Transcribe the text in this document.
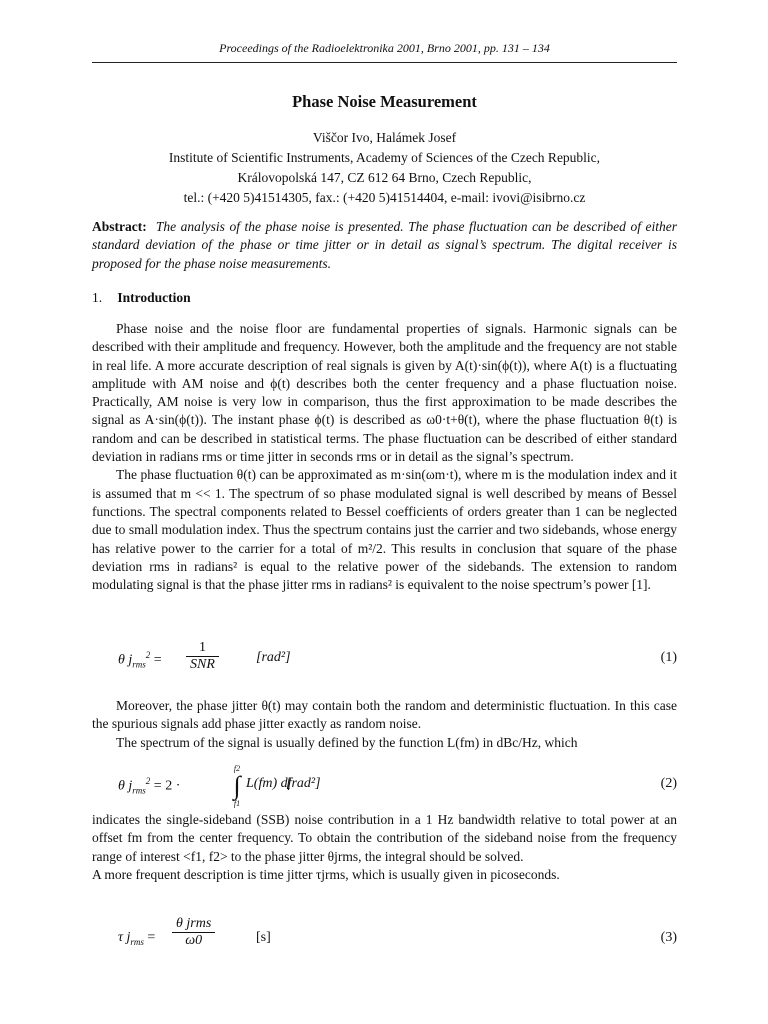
Proceedings of the Radioelektronika 2001, Brno 2001, pp. 131 – 134
Phase Noise Measurement
Viščor Ivo, Halámek Josef
Institute of Scientific Instruments, Academy of Sciences of the Czech Republic,
Královopolská 147, CZ 612 64 Brno, Czech Republic,
tel.: (+420 5)41514305, fax.: (+420 5)41514404, e-mail: ivovi@isibrno.cz
Abstract: The analysis of the phase noise is presented. The phase fluctuation can be described of either standard deviation of the phase or time jitter or in detail as signal’s spectrum. The digital receiver is proposed for the phase noise measurements.
1. Introduction

Phase noise and the noise floor are fundamental properties of signals. Harmonic signals can be described with their amplitude and frequency. However, both the amplitude and the frequency are not stable in real life. A more accurate description of real signals is given by A(t)·sin(ϕ(t)), where A(t) is a fluctuating amplitude with AM noise and ϕ(t) describes both the center frequency and a phase fluctuation noise. Practically, AM noise is very low in comparison, thus the first approximation to be made describes the signal as A·sin(ϕ(t)). The instant phase ϕ(t) is described as ω0·t+θ(t), where the phase fluctuation θ(t) is random and can be described in statistical terms. The phase fluctuation can be described of either standard deviation in radians rms or time jitter in seconds rms or in detail as the signal’s spectrum.

The phase fluctuation θ(t) can be approximated as m·sin(ωm·t), where m is the modulation index and it is assumed that m << 1. The spectrum of so phase modulated signal is well described by means of Bessel functions. The spectral components related to Bessel coefficients of orders greater than 1 can be neglected due to small modulation index. Thus the spectrum contains just the carrier and two sidebands, whose energy has relative power to the carrier for a total of m²/2. This results in conclusion that square of the phase deviation rms in radians² is equal to the relative power of the sidebands. The extension to random modulating signal is that the phase jitter rms in radians² is equivalent to the noise spectrum’s power [1].

θ $j_{rms}^2$ =
1
SNR	[rad²]	(1)

Moreover, the phase jitter θ(t) may contain both the random and deterministic fluctuation. In this case the spurious signals add phase jitter exactly as random noise.

The spectrum of the signal is usually defined by the function L(fm) in dBc/Hz, which

θ $j_{rms}^2 = 2$ ·
f2
∫
f1
L(fm) df
[rad²]	(2)

indicates the single-sideband (SSB) noise contribution in a 1 Hz bandwidth relative to total power at an offset fm from the center frequency. To obtain the contribution of the sideband noise from the frequency range of interest <f1, f2> to the phase jitter θjrms, the integral should be solved.

A more frequent description is time jitter τjrms, which is usually given in picoseconds.

τ $j_{rms}$ =
θ jrms
ω0	[s]	(3)
